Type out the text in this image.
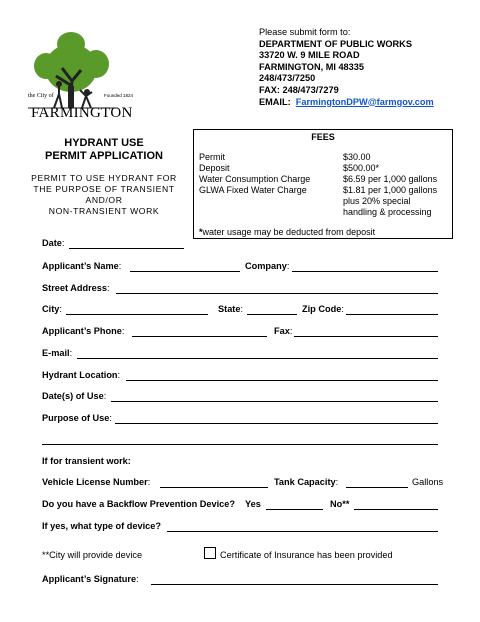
the City of	Founded 1824
FARMINGTON
Please submit form to:
DEPARTMENT OF PUBLIC WORKS
33720 W. 9 MILE ROAD
FARMINGTON, MI 48335
248/473/7250
FAX: 248/473/7279
EMAIL: FarmingtonDPW@farmgov.com
HYDRANT USE
PERMIT APPLICATION
PERMIT TO USE HYDRANT FOR
THE PURPOSE OF TRANSIENT
AND/OR
NON-TRANSIENT WORK
FEES
Permit	$30.00
Deposit	$500.00*
Water Consumption Charge	$6.59 per 1,000 gallons
GLWA Fixed Water Charge	$1.81 per 1,000 gallons
plus 20% special
handling & processing
*water usage may be deducted from deposit
Date:
Applicant’s Name:	Company:
Street Address:
City:	State:	Zip Code:
Applicant’s Phone:	Fax:
E-mail:
Hydrant Location:
Date(s) of Use:
Purpose of Use:
If for transient work:
Vehicle License Number:	Tank Capacity:	Gallons
Do you have a Backflow Prevention Device? Yes	No**
If yes, what type of device?
**City will provide device	Certificate of Insurance has been provided
Applicant’s Signature:
